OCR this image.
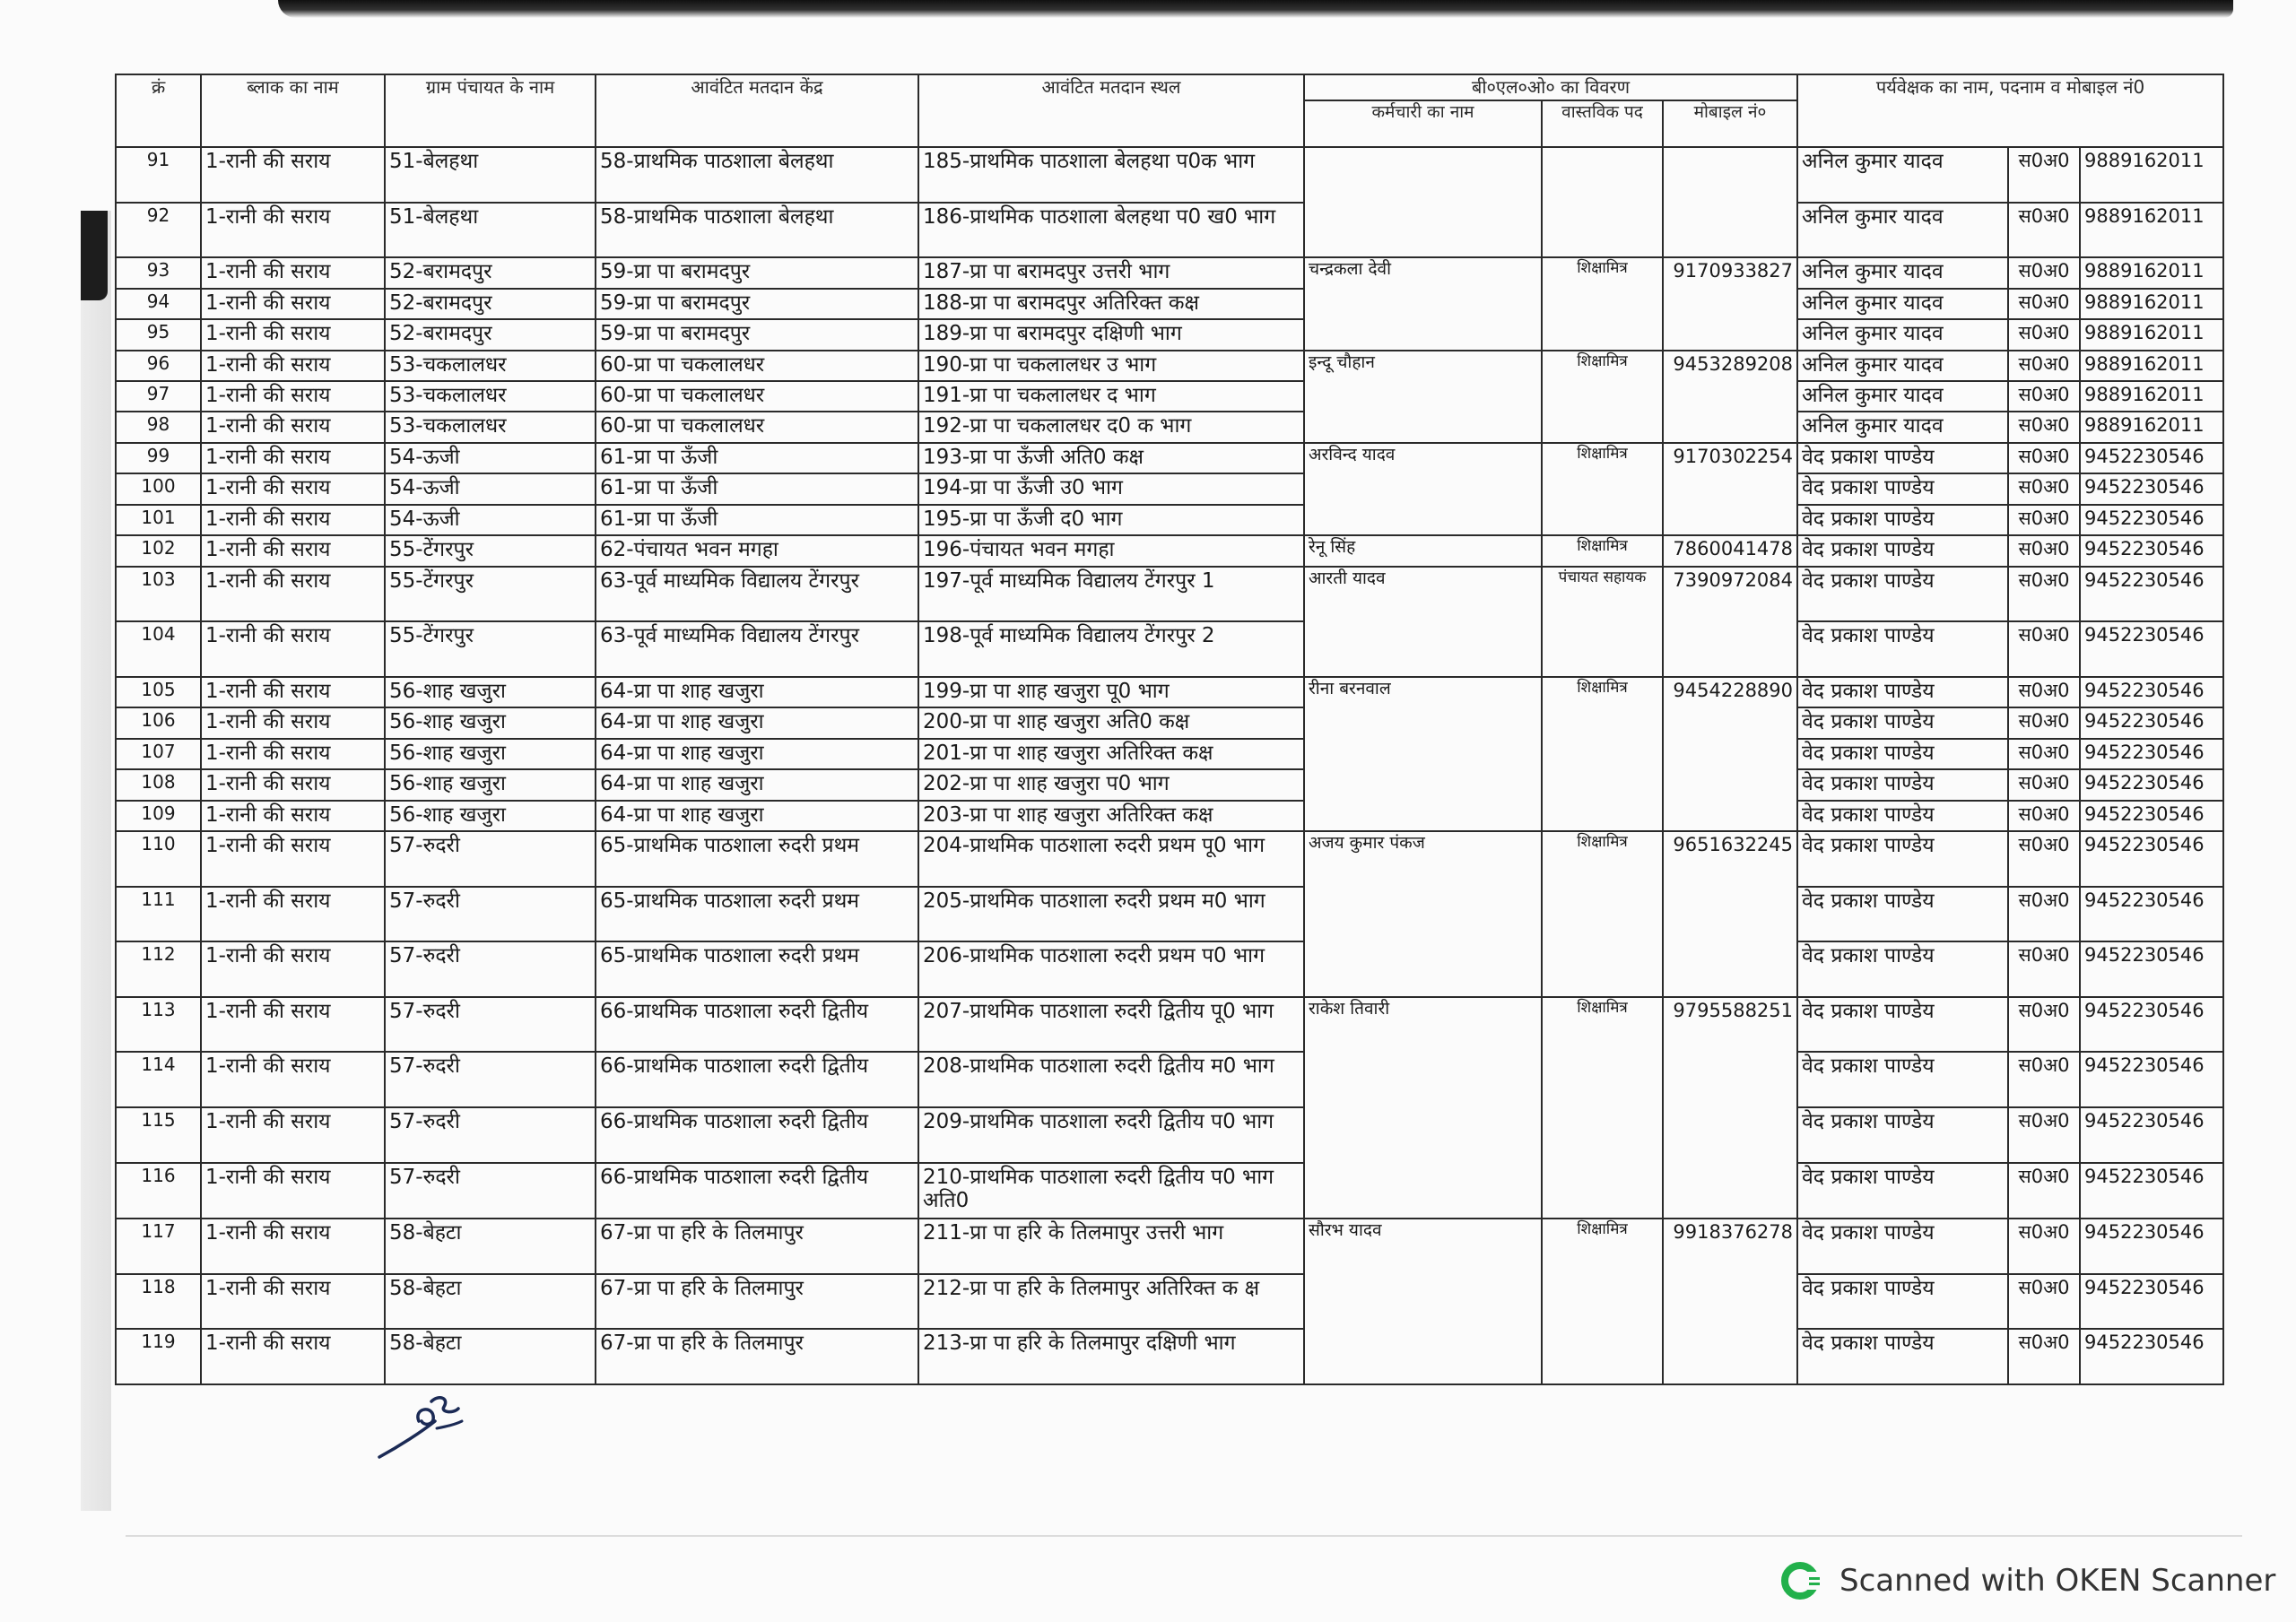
क्रं	ब्लाक का नाम	ग्राम पंचायत के नाम	आवंटित मतदान केंद्र	आवंटित मतदान स्थल	बी०एल०ओ० का विवरण			पर्यवेक्षक का नाम, पदनाम व मोबाइल नं0		
					कर्मचारी का नाम	वास्तविक पद	मोबाइल नं०			
91	1-रानी की सराय	51-बेलहथा	58-प्राथमिक पाठशाला बेलहथा	185-प्राथमिक पाठशाला बेलहथा प0क भाग				अनिल कुमार यादव	स0अ0	9889162011
92	1-रानी की सराय	51-बेलहथा	58-प्राथमिक पाठशाला बेलहथा	186-प्राथमिक पाठशाला बेलहथा प0 ख0 भाग				अनिल कुमार यादव	स0अ0	9889162011
93	1-रानी की सराय	52-बरामदपुर	59-प्रा पा बरामदपुर	187-प्रा पा बरामदपुर उत्तरी भाग	चन्द्रकला देवी	शिक्षामित्र	9170933827	अनिल कुमार यादव	स0अ0	9889162011
94	1-रानी की सराय	52-बरामदपुर	59-प्रा पा बरामदपुर	188-प्रा पा बरामदपुर अतिरिक्त कक्ष				अनिल कुमार यादव	स0अ0	9889162011
95	1-रानी की सराय	52-बरामदपुर	59-प्रा पा बरामदपुर	189-प्रा पा बरामदपुर दक्षिणी भाग				अनिल कुमार यादव	स0अ0	9889162011
96	1-रानी की सराय	53-चकलालधर	60-प्रा पा चकलालधर	190-प्रा पा चकलालधर उ भाग	इन्दू चौहान	शिक्षामित्र	9453289208	अनिल कुमार यादव	स0अ0	9889162011
97	1-रानी की सराय	53-चकलालधर	60-प्रा पा चकलालधर	191-प्रा पा चकलालधर द भाग				अनिल कुमार यादव	स0अ0	9889162011
98	1-रानी की सराय	53-चकलालधर	60-प्रा पा चकलालधर	192-प्रा पा चकलालधर द0 क भाग				अनिल कुमार यादव	स0अ0	9889162011
99	1-रानी की सराय	54-ऊजी	61-प्रा पा ऊँजी	193-प्रा पा ऊँजी अति0 कक्ष	अरविन्द यादव	शिक्षामित्र	9170302254	वेद प्रकाश पाण्डेय	स0अ0	9452230546
100	1-रानी की सराय	54-ऊजी	61-प्रा पा ऊँजी	194-प्रा पा ऊँजी उ0 भाग				वेद प्रकाश पाण्डेय	स0अ0	9452230546
101	1-रानी की सराय	54-ऊजी	61-प्रा पा ऊँजी	195-प्रा पा ऊँजी द0 भाग				वेद प्रकाश पाण्डेय	स0अ0	9452230546
102	1-रानी की सराय	55-टेंगरपुर	62-पंचायत भवन मगहा	196-पंचायत भवन मगहा	रेनू सिंह	शिक्षामित्र	7860041478	वेद प्रकाश पाण्डेय	स0अ0	9452230546
103	1-रानी की सराय	55-टेंगरपुर	63-पूर्व माध्यमिक विद्यालय टेंगरपुर	197-पूर्व माध्यमिक विद्यालय टेंगरपुर 1	आरती यादव	पंचायत सहायक	7390972084	वेद प्रकाश पाण्डेय	स0अ0	9452230546
104	1-रानी की सराय	55-टेंगरपुर	63-पूर्व माध्यमिक विद्यालय टेंगरपुर	198-पूर्व माध्यमिक विद्यालय टेंगरपुर 2				वेद प्रकाश पाण्डेय	स0अ0	9452230546
105	1-रानी की सराय	56-शाह खजुरा	64-प्रा पा शाह खजुरा	199-प्रा पा शाह खजुरा पू0 भाग	रीना बरनवाल	शिक्षामित्र	9454228890	वेद प्रकाश पाण्डेय	स0अ0	9452230546
106	1-रानी की सराय	56-शाह खजुरा	64-प्रा पा शाह खजुरा	200-प्रा पा शाह खजुरा अति0 कक्ष				वेद प्रकाश पाण्डेय	स0अ0	9452230546
107	1-रानी की सराय	56-शाह खजुरा	64-प्रा पा शाह खजुरा	201-प्रा पा शाह खजुरा अतिरिक्त कक्ष				वेद प्रकाश पाण्डेय	स0अ0	9452230546
108	1-रानी की सराय	56-शाह खजुरा	64-प्रा पा शाह खजुरा	202-प्रा पा शाह खजुरा प0 भाग				वेद प्रकाश पाण्डेय	स0अ0	9452230546
109	1-रानी की सराय	56-शाह खजुरा	64-प्रा पा शाह खजुरा	203-प्रा पा शाह खजुरा अतिरिक्त कक्ष				वेद प्रकाश पाण्डेय	स0अ0	9452230546
110	1-रानी की सराय	57-रुदरी	65-प्राथमिक पाठशाला रुदरी प्रथम	204-प्राथमिक पाठशाला रुदरी प्रथम पू0 भाग	अजय कुमार पंकज	शिक्षामित्र	9651632245	वेद प्रकाश पाण्डेय	स0अ0	9452230546
111	1-रानी की सराय	57-रुदरी	65-प्राथमिक पाठशाला रुदरी प्रथम	205-प्राथमिक पाठशाला रुदरी प्रथम म0 भाग				वेद प्रकाश पाण्डेय	स0अ0	9452230546
112	1-रानी की सराय	57-रुदरी	65-प्राथमिक पाठशाला रुदरी प्रथम	206-प्राथमिक पाठशाला रुदरी प्रथम प0 भाग				वेद प्रकाश पाण्डेय	स0अ0	9452230546
113	1-रानी की सराय	57-रुदरी	66-प्राथमिक पाठशाला रुदरी द्वितीय	207-प्राथमिक पाठशाला रुदरी द्वितीय पू0 भाग	राकेश तिवारी	शिक्षामित्र	9795588251	वेद प्रकाश पाण्डेय	स0अ0	9452230546
114	1-रानी की सराय	57-रुदरी	66-प्राथमिक पाठशाला रुदरी द्वितीय	208-प्राथमिक पाठशाला रुदरी द्वितीय म0 भाग				वेद प्रकाश पाण्डेय	स0अ0	9452230546
115	1-रानी की सराय	57-रुदरी	66-प्राथमिक पाठशाला रुदरी द्वितीय	209-प्राथमिक पाठशाला रुदरी द्वितीय प0 भाग				वेद प्रकाश पाण्डेय	स0अ0	9452230546
116	1-रानी की सराय	57-रुदरी	66-प्राथमिक पाठशाला रुदरी द्वितीय	210-प्राथमिक पाठशाला रुदरी द्वितीय प0 भाग अति0				वेद प्रकाश पाण्डेय	स0अ0	9452230546
117	1-रानी की सराय	58-बेहटा	67-प्रा पा हरि के तिलमापुर	211-प्रा पा हरि के तिलमापुर उत्तरी भाग	सौरभ यादव	शिक्षामित्र	9918376278	वेद प्रकाश पाण्डेय	स0अ0	9452230546
118	1-रानी की सराय	58-बेहटा	67-प्रा पा हरि के तिलमापुर	212-प्रा पा हरि के तिलमापुर अतिरिक्त क क्ष				वेद प्रकाश पाण्डेय	स0अ0	9452230546
119	1-रानी की सराय	58-बेहटा	67-प्रा पा हरि के तिलमापुर	213-प्रा पा हरि के तिलमापुर दक्षिणी भाग				वेद प्रकाश पाण्डेय	स0अ0	9452230546
Scanned with OKEN Scanner
